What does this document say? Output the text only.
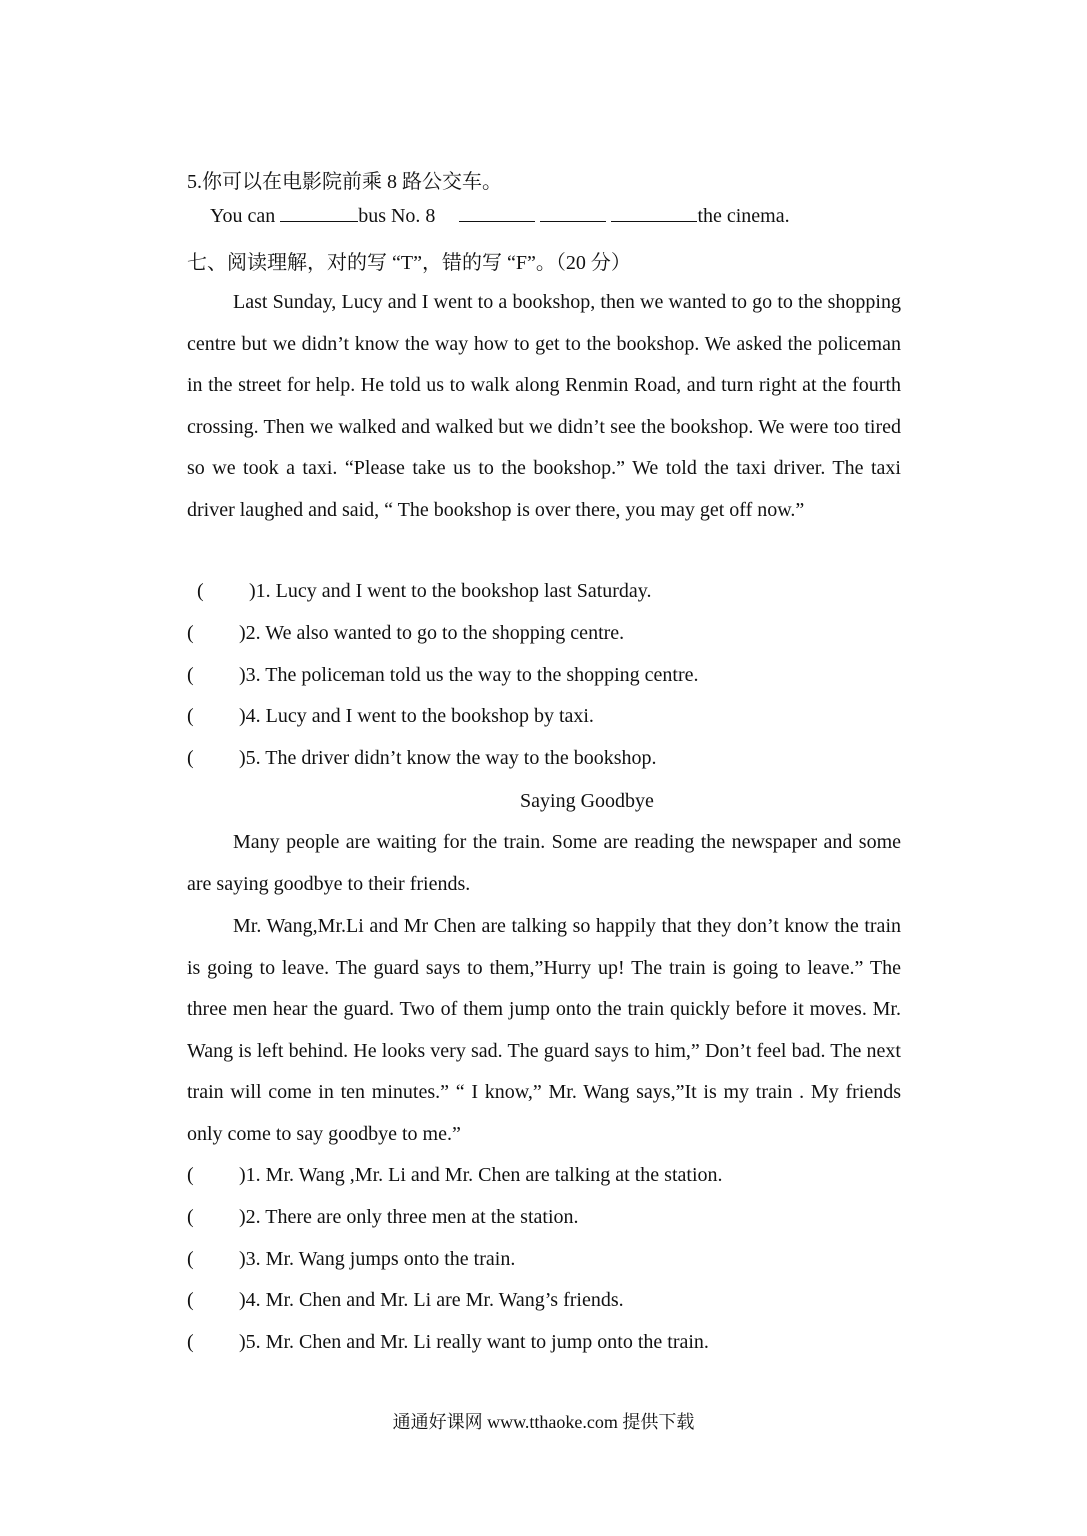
5.你可以在电影院前乘 8 路公交车。
You can	bus No. 8	the cinema.
七、阅读理解，对的写 “T”，错的写 “F”。（20 分）
Last Sunday, Lucy and I went to a bookshop, then we wanted to go to the shopping centre but we didn’t know the way how to get to the bookshop. We asked the policeman in the street for help. He told us to walk along Renmin Road, and turn right at the fourth crossing. Then we walked and walked but we didn’t see the bookshop. We were too tired so we took a taxi. “Please take us to the bookshop.” We told the taxi driver. The taxi driver laughed and said, “ The bookshop is over there, you may get off now.”
( )1. Lucy and I went to the bookshop last Saturday.
( )2. We also wanted to go to the shopping centre.
( )3. The policeman told us the way to the shopping centre.
( )4. Lucy and I went to the bookshop by taxi.
( )5. The driver didn’t know the way to the bookshop.
Saying Goodbye
Many people are waiting for the train. Some are reading the newspaper and some are saying goodbye to their friends.
Mr. Wang,Mr.Li and Mr Chen are talking so happily that they don’t know the train is going to leave. The guard says to them,”Hurry up! The train is going to leave.” The three men hear the guard. Two of them jump onto the train quickly before it moves. Mr. Wang is left behind. He looks very sad. The guard says to him,” Don’t feel bad. The next train will come in ten minutes.” “ I know,” Mr. Wang says,”It is my train . My friends only come to say goodbye to me.”
( )1. Mr. Wang ,Mr. Li and Mr. Chen are talking at the station.
( )2. There are only three men at the station.
( )3. Mr. Wang jumps onto the train.
( )4. Mr. Chen and Mr. Li are Mr. Wang’s friends.
( )5. Mr. Chen and Mr. Li really want to jump onto the train.
通通好课网 www.tthaoke.com 提供下载
